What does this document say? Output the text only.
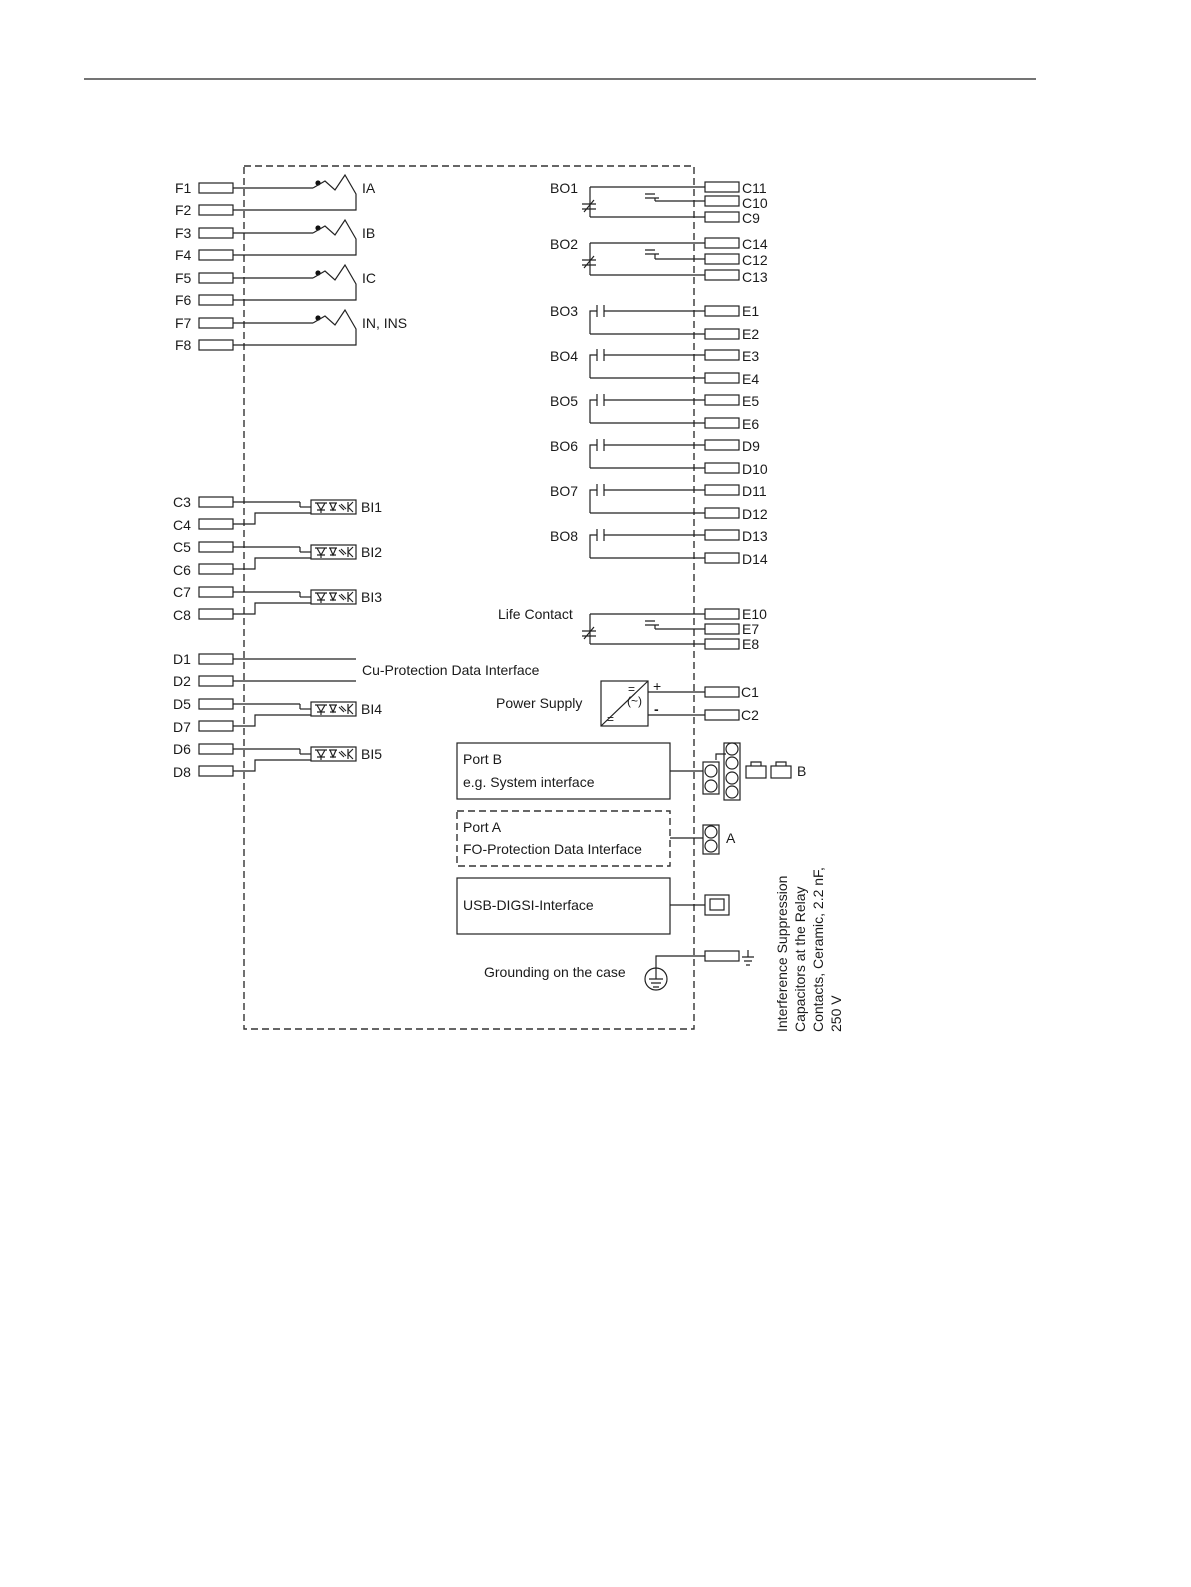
F1
F2
IA
F3
F4
IB
F5
F6
IC
F7
F8
IN, INS
C3
C4
BI1
C5
C6
BI2
C7
C8
BI3
D1
D2
Cu-Protection Data Interface
D5
D7
BI4
D6
D8
BI5
BO1	C11
C10
C9
BO2	C14
C12
C13
BO3	E1
E2
BO4	E3
E4
BO5	E5
E6
BO6	D9
D10
BO7	D11
D12
BO8	D13
D14
Life Contact	E10
E7
E8
Power Supply
=
(~)
=
+
-
C1
C2
Port B
e.g. System interface
B
Port A
FO-Protection Data Interface
A
USB-DIGSI-Interface
Grounding on the case	Interference Suppression Capacitors at the Relay Contacts, Ceramic, 2.2 nF, 250 V
